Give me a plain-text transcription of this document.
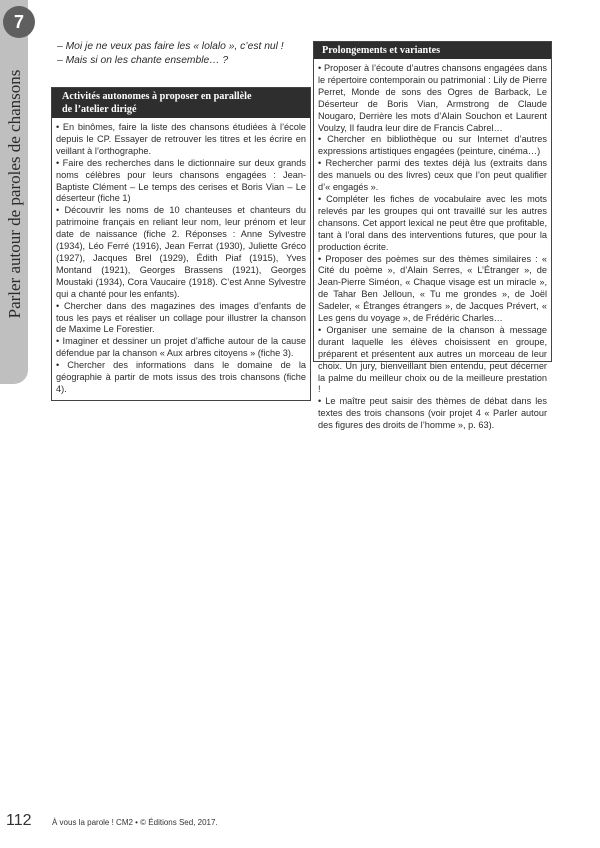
7
Parler autour de paroles de chansons

– Moi je ne veux pas faire les « lolalo », c’est nul !

– Mais si on les chante ensemble… ?

Activités autonomes à proposer en parallèle
de l’atelier dirigé

• En binômes, faire la liste des chansons étudiées à l’école depuis le CP. Essayer de retrouver les titres et les écrire en veillant à l’orthographe.

• Faire des recherches dans le dictionnaire sur deux grands noms célèbres pour leurs chansons engagées : Jean-Baptiste Clément – Le temps des cerises et Boris Vian – Le déserteur (fiche 1)

• Découvrir les noms de 10 chanteuses et chanteurs du patrimoine français en reliant leur nom, leur prénom et leur date de naissance (fiche 2. Réponses : Anne Sylvestre (1934), Léo Ferré (1916), Jean Ferrat (1930), Juliette Gréco (1927), Jacques Brel (1929), Édith Piaf (1915), Yves Montand (1921), Georges Brassens (1921), Georges Moustaki (1934), Cora Vaucaire (1918). C’est Anne Sylvestre qui a chanté pour les enfants).

• Chercher dans des magazines des images d’enfants de tous les pays et réaliser un collage pour illustrer la chanson de Maxime Le Forestier.

• Imaginer et dessiner un projet d’affiche autour de la cause défendue par la chanson « Aux arbres citoyens » (fiche 3).

• Chercher des informations dans le domaine de la géographie à partir de mots issus des trois chansons (fiche 4).

Prolongements et variantes

• Proposer à l’écoute d’autres chansons engagées dans le répertoire contemporain ou patrimonial : Lily de Pierre Perret, Monde de sons des Ogres de Barback, Le Déserteur de Boris Vian, Armstrong de Claude Nougaro, Derrière les mots d’Alain Souchon et Laurent Voulzy, Il faudra leur dire de Francis Cabrel…

• Chercher en bibliothèque ou sur Internet d’autres expressions artistiques engagées (peinture, cinéma…)

• Rechercher parmi des textes déjà lus (extraits dans des manuels ou des livres) ceux que l’on peut qualifier d’« engagés ».

• Compléter les fiches de vocabulaire avec les mots relevés par les groupes qui ont travaillé sur les autres chansons. Cet apport lexical ne peut être que profitable, tant à l’oral dans des interventions futures, que pour la production écrite.

• Proposer des poèmes sur des thèmes similaires : « Cité du poème », d’Alain Serres, « L’Étranger », de Jean-Pierre Siméon, « Chaque visage est un miracle », de Tahar Ben Jelloun, « Tu me grondes », de Joël Sadeler, « Étranges étrangers », de Jacques Prévert, « Les gens du voyage », de Frédéric Charles…

• Organiser une semaine de la chanson à message durant laquelle les élèves choisissent en groupe, préparent et présentent aux autres un morceau de leur choix. Un jury, bienveillant bien entendu, peut décerner la palme du meilleur choix ou de la meilleure prestation !

• Le maître peut saisir des thèmes de débat dans les textes des trois chansons (voir projet 4 « Parler autour des figures des droits de l’homme », p. 63).

112	À vous la parole ! CM2 • © Éditions Sed, 2017.
